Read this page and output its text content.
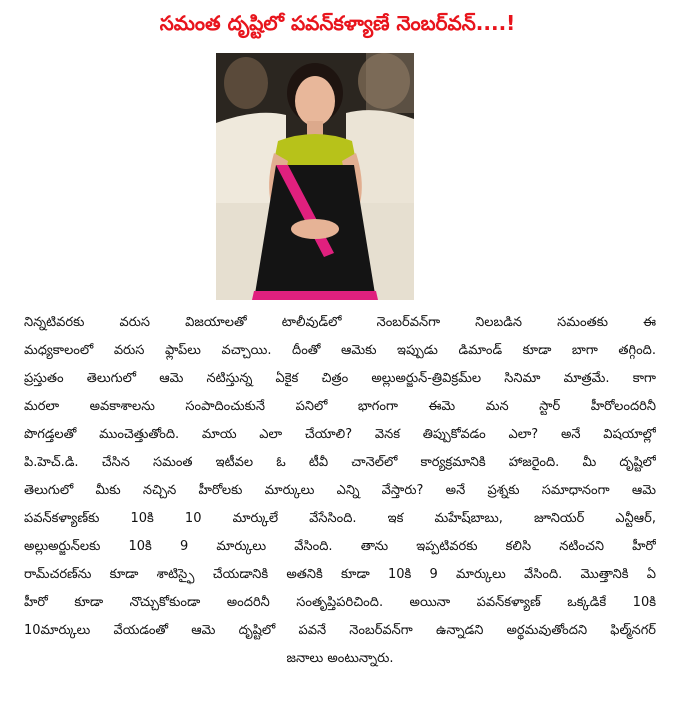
సమంత దృష్టిలో పవన్‌కళ్యాణే నెంబర్‌వన్....!
నిన్నటివరకు వరుస విజయాలతో టాలీవుడ్‌లో నెంబర్‌వన్‌గా నిలబడిన సమంతకు ఈ
మధ్యకాలంలో వరుస ఫ్లాప్‌లు వచ్చాయి. దీంతో ఆమెకు ఇప్పుడు డిమాండ్ కూడా బాగా తగ్గింది.
ప్రస్తుతం తెలుగులో ఆమె నటిస్తున్న ఏకైక చిత్రం అల్లుఅర్జున్-త్రివిక్రమ్‌ల సినిమా మాత్రమే. కాగా
మరలా అవకాశాలను సంపాదించుకునే పనిలో భాగంగా ఈమె మన స్టార్ హీరోలందరినీ
పొగడ్తలతో ముంచెత్తుతోంది. మాయ ఎలా చేయాలి? వెనక తిప్పుకోవడం ఎలా? అనే విషయాల్లో
పి.హెచ్.డి. చేసిన సమంత ఇటీవల ఓ టీవీ చానెల్‌లో కార్యక్రమానికి హాజరైంది. మీ దృష్టిలో
తెలుగులో మీకు నచ్చిన హీరోలకు మార్కులు ఎన్ని వేస్తారు? అనే ప్రశ్నకు సమాధానంగా ఆమె
పవన్‌కళ్యాణ్‌కు 10కి 10 మార్కులే వేసేసింది. ఇక మహేష్‌బాబు, జూనియర్ ఎన్టీఆర్,
అల్లుఅర్జున్‌లకు 10కి 9 మార్కులు వేసింది. తాను ఇప్పటివరకు కలిసి నటించని హీరో
రామ్‌చరణ్‌ను కూడా శాటిస్ఫై చేయడానికి అతనికి కూడా 10కి 9 మార్కులు వేసింది. మొత్తానికి ఏ
హీరో కూడా నొచ్చుకోకుండా అందరినీ సంతృప్తిపరిచింది. అయినా పవన్‌కళ్యాణ్ ఒక్కడికే 10కి
10మార్కులు వేయడంతో ఆమె దృష్టిలో పవనే నెంబర్‌వన్‌గా ఉన్నాడని అర్థమవుతోందని ఫిల్మ్‌నగర్
జనాలు అంటున్నారు.
